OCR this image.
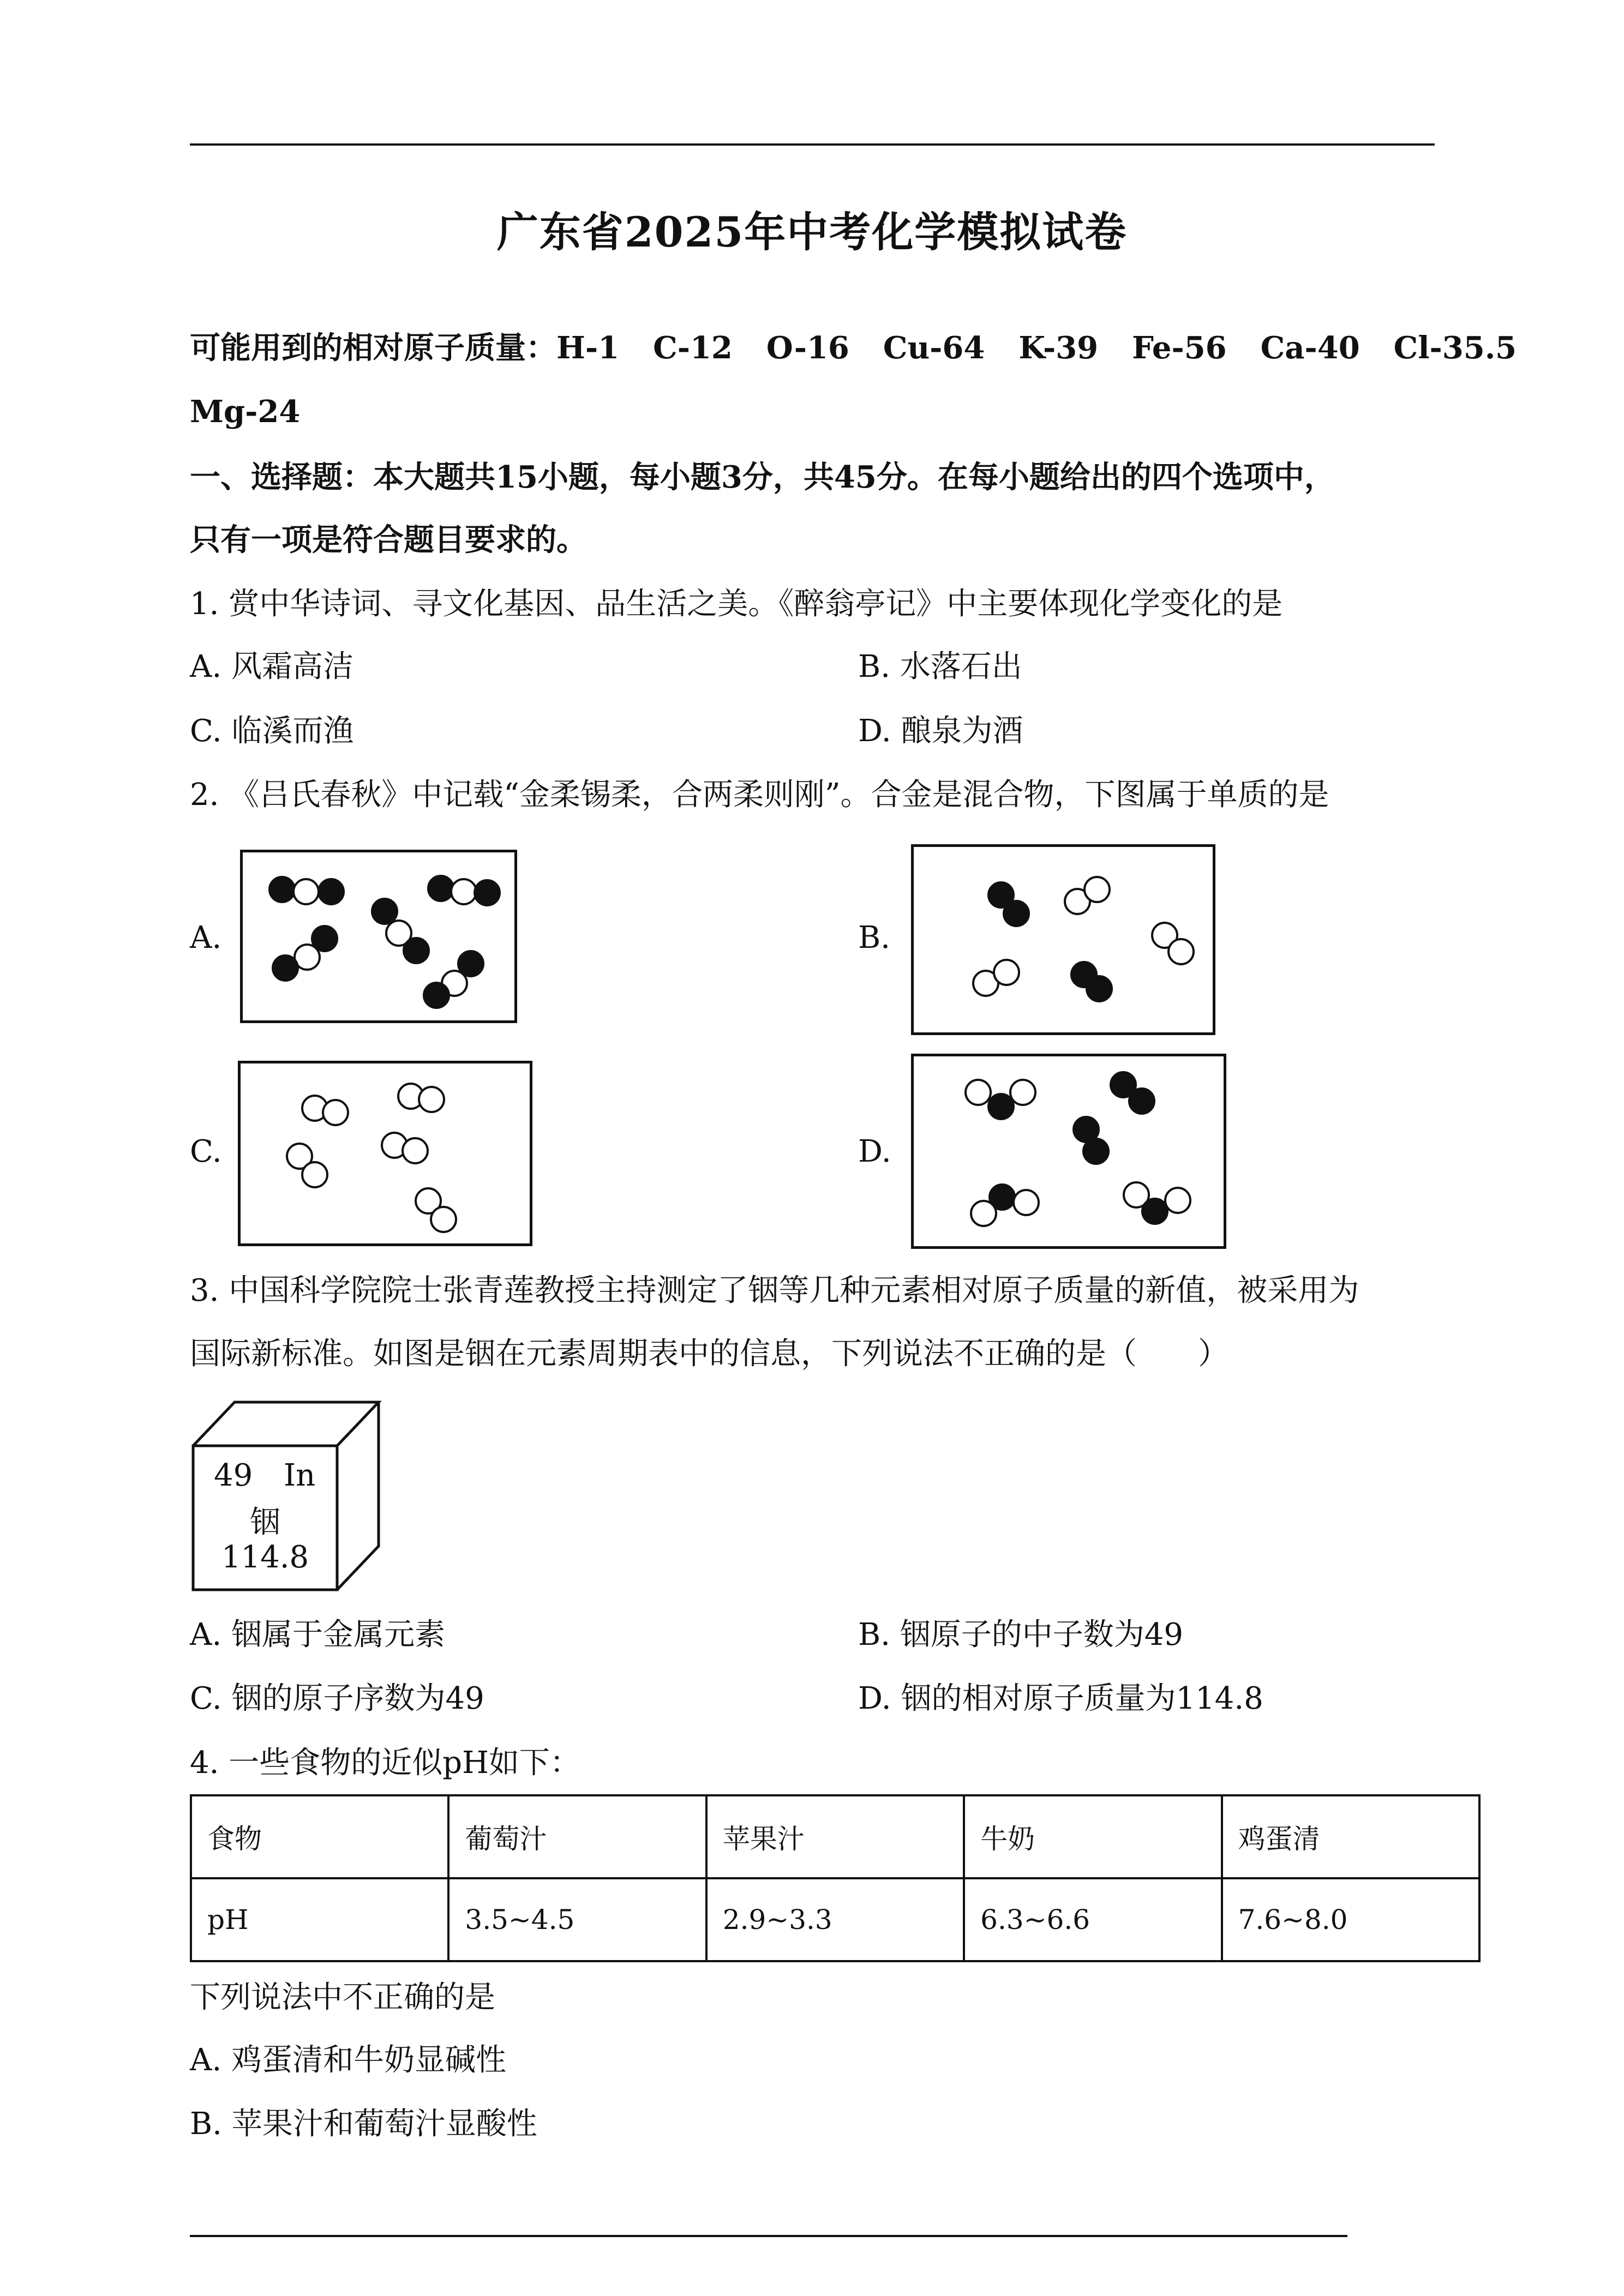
广东省2025年中考化学模拟试卷
可能用到的相对原子质量：H-1 C-12 O-16 Cu-64 K-39 Fe-56 Ca-40 Cl-35.5
Mg-24
一、选择题：本大题共15小题，每小题3分，共45分。在每小题给出的四个选项中，
只有一项是符合题目要求的。
1. 赏中华诗词、寻文化基因、品生活之美。《醉翁亭记》中主要体现化学变化的是
A. 风霜高洁	B. 水落石出
C. 临溪而渔	D. 酿泉为酒
2. 《吕氏春秋》中记载“金柔锡柔，合两柔则刚”。合金是混合物，下图属于单质的是
A.	B.
C.	D.
3. 中国科学院院士张青莲教授主持测定了铟等几种元素相对原子质量的新值，被采用为
国际新标准。如图是铟在元素周期表中的信息，下列说法不正确的是（　　）
49 In
铟
114.8
A. 铟属于金属元素	B. 铟原子的中子数为49
C. 铟的原子序数为49	D. 铟的相对原子质量为114.8
4. 一些食物的近似pH如下：
食物	葡萄汁	苹果汁	牛奶	鸡蛋清
pH	3.5~4.5	2.9~3.3	6.3~6.6	7.6~8.0
下列说法中不正确的是
A. 鸡蛋清和牛奶显碱性
B. 苹果汁和葡萄汁显酸性
